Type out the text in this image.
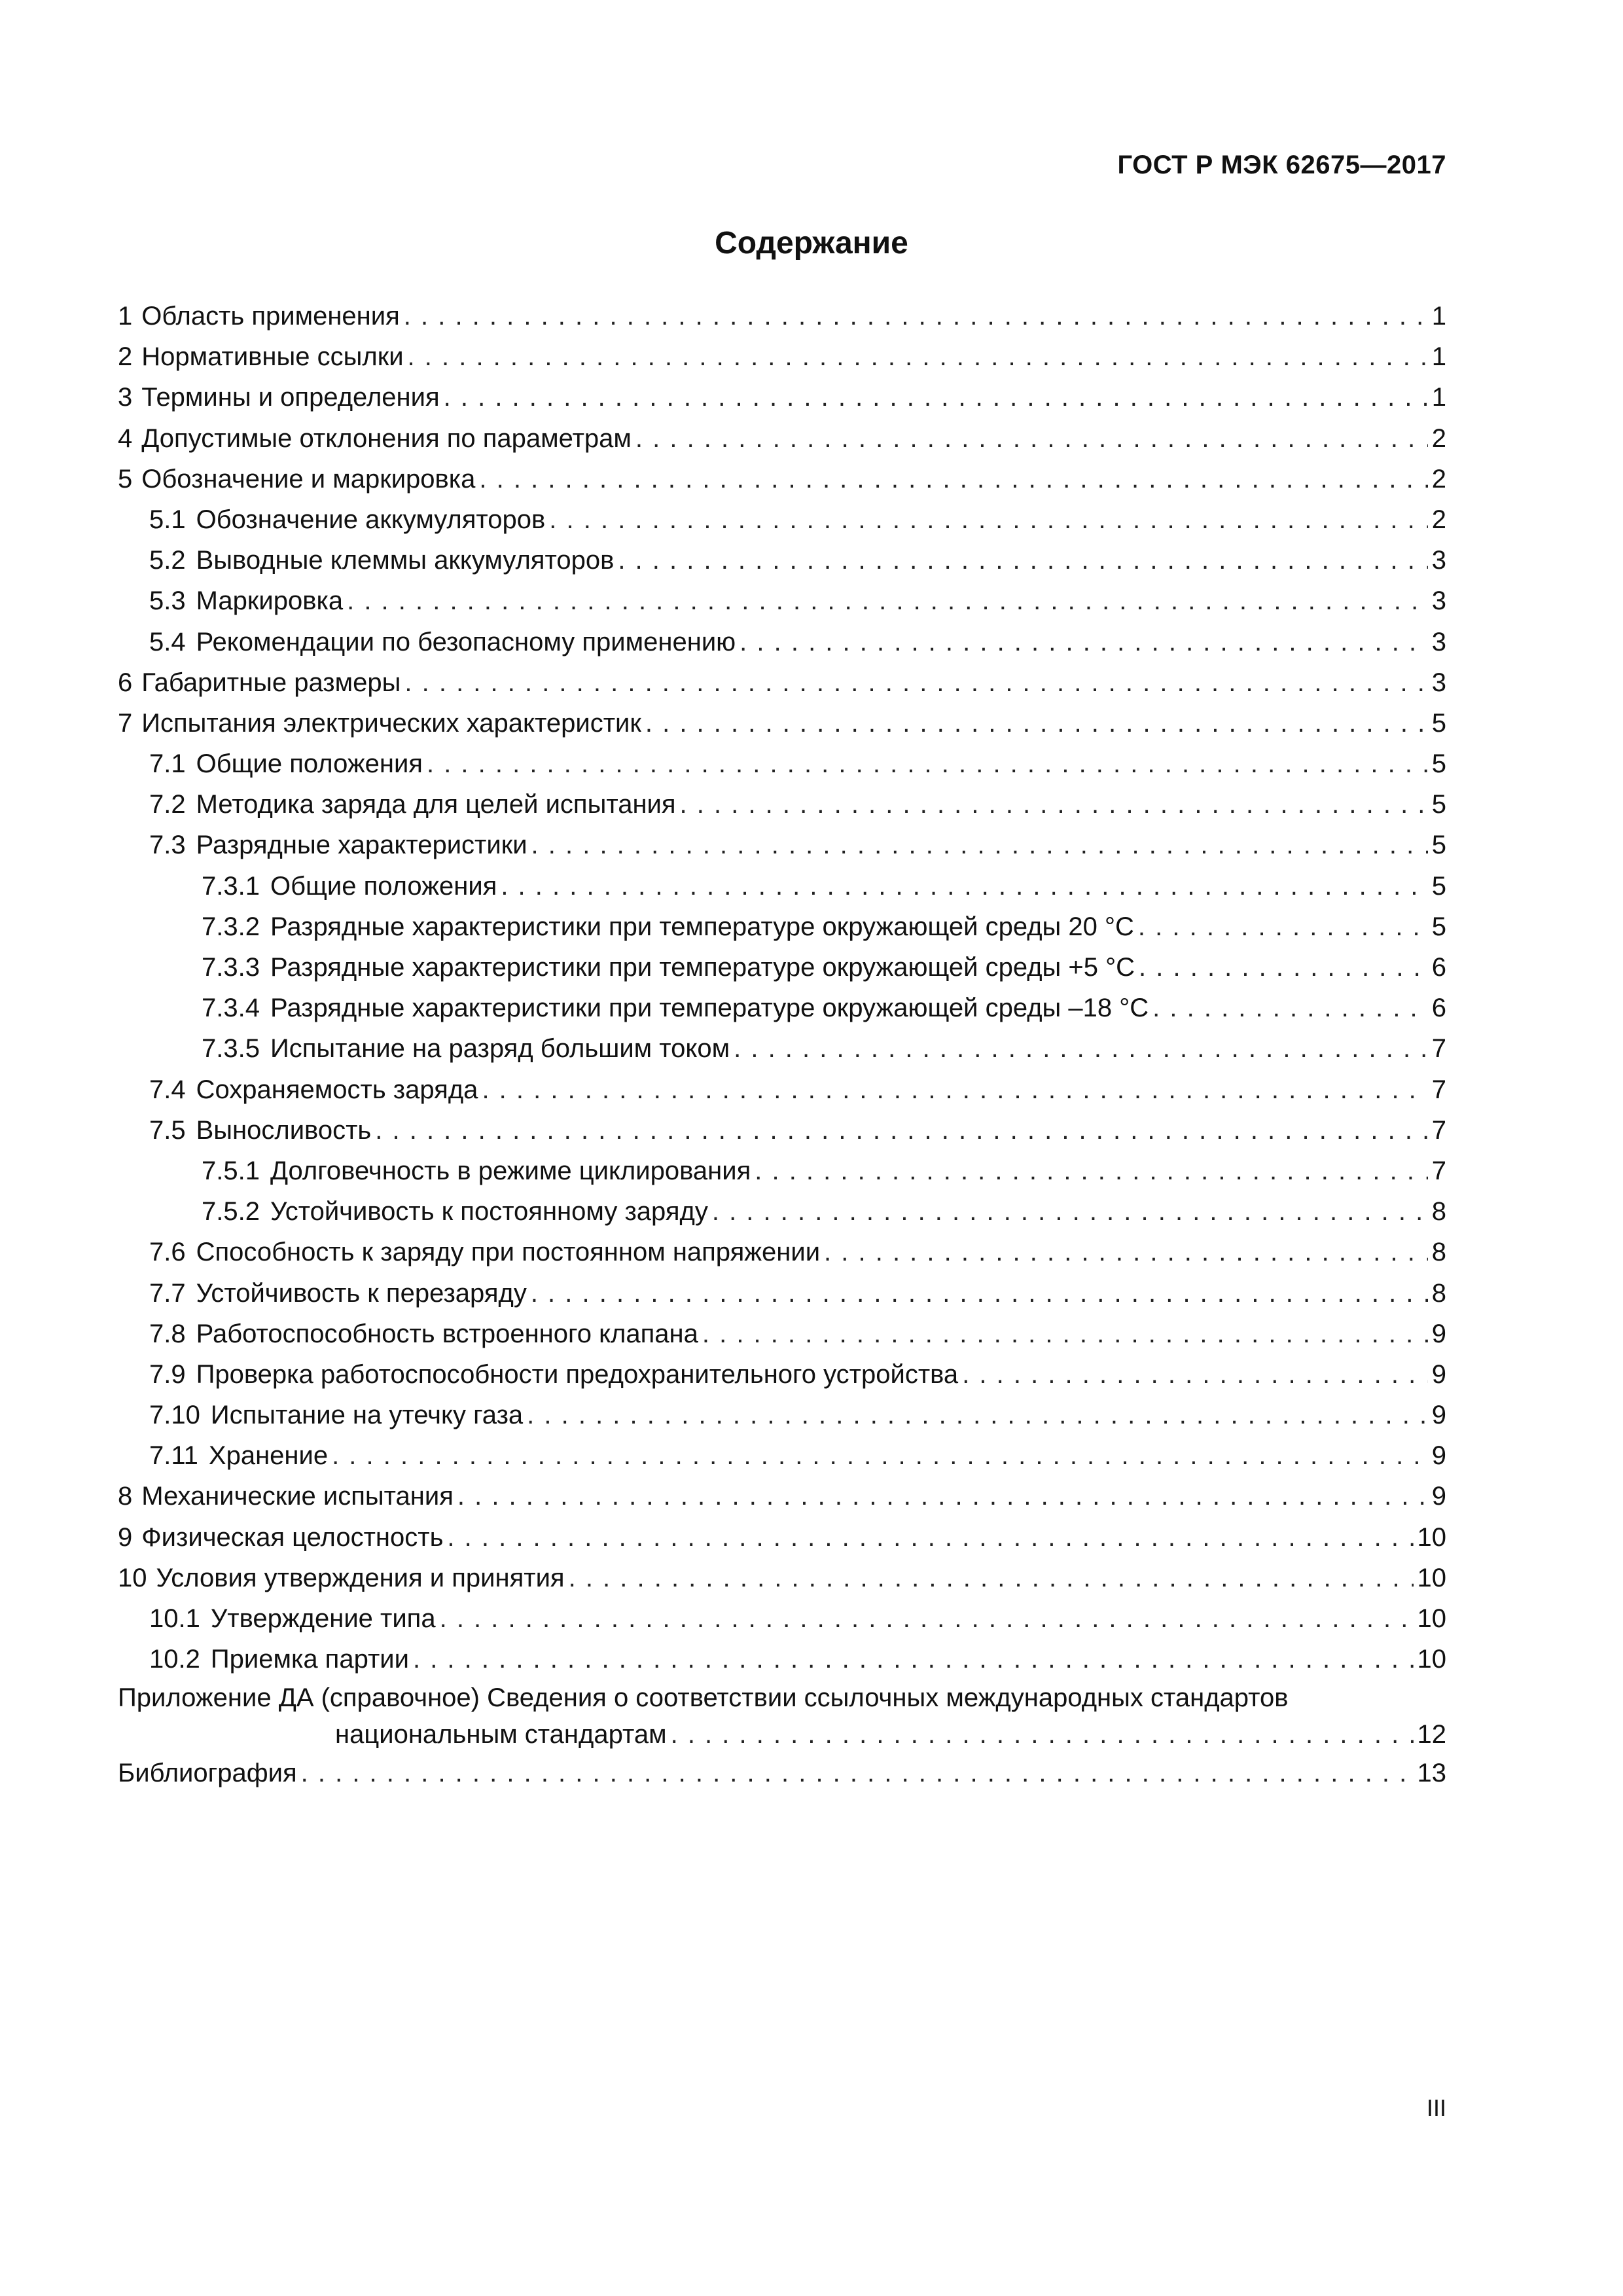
ГОСТ Р МЭК 62675—2017
Содержание
1 Область применения . . .	1
2 Нормативные ссылки . . .	1
3 Термины и определения . . .	1
4 Допустимые отклонения по параметрам . . .	2
5 Обозначение и маркировка . . .	2
5.1 Обозначение аккумуляторов . . .	2
5.2 Выводные клеммы аккумуляторов . . .	3
5.3 Маркировка . . .	3
5.4 Рекомендации по безопасному применению . . .	3
6 Габаритные размеры . . .	3
7 Испытания электрических характеристик . . .	5
7.1 Общие положения . . .	5
7.2 Методика заряда для целей испытания . . .	5
7.3 Разрядные характеристики . . .	5
7.3.1 Общие положения . . .	5
7.3.2 Разрядные характеристики при температуре окружающей среды 20 °С . . .	5
7.3.3 Разрядные характеристики при температуре окружающей среды +5 °С . . .	6
7.3.4 Разрядные характеристики при температуре окружающей среды –18 °С . . .	6
7.3.5 Испытание на разряд большим током . . .	7
7.4 Сохраняемость заряда . . .	7
7.5 Выносливость . . .	7
7.5.1 Долговечность в режиме циклирования . . .	7
7.5.2 Устойчивость к постоянному заряду . . .	8
7.6 Способность к заряду при постоянном напряжении . . .	8
7.7 Устойчивость к перезаряду . . .	8
7.8 Работоспособность встроенного клапана . . .	9
7.9 Проверка работоспособности предохранительного устройства . . .	9
7.10 Испытание на утечку газа . . .	9
7.11 Хранение . . .	9
8 Механические испытания . . .	9
9 Физическая целостность . . .	10
10 Условия утверждения и принятия . . .	10
10.1 Утверждение типа . . .	10
10.2 Приемка партии . . .	10
Приложение ДА (справочное) Сведения о соответствии ссылочных международных стандартов
национальным стандартам . . .	12
Библиография . . .	13
III
